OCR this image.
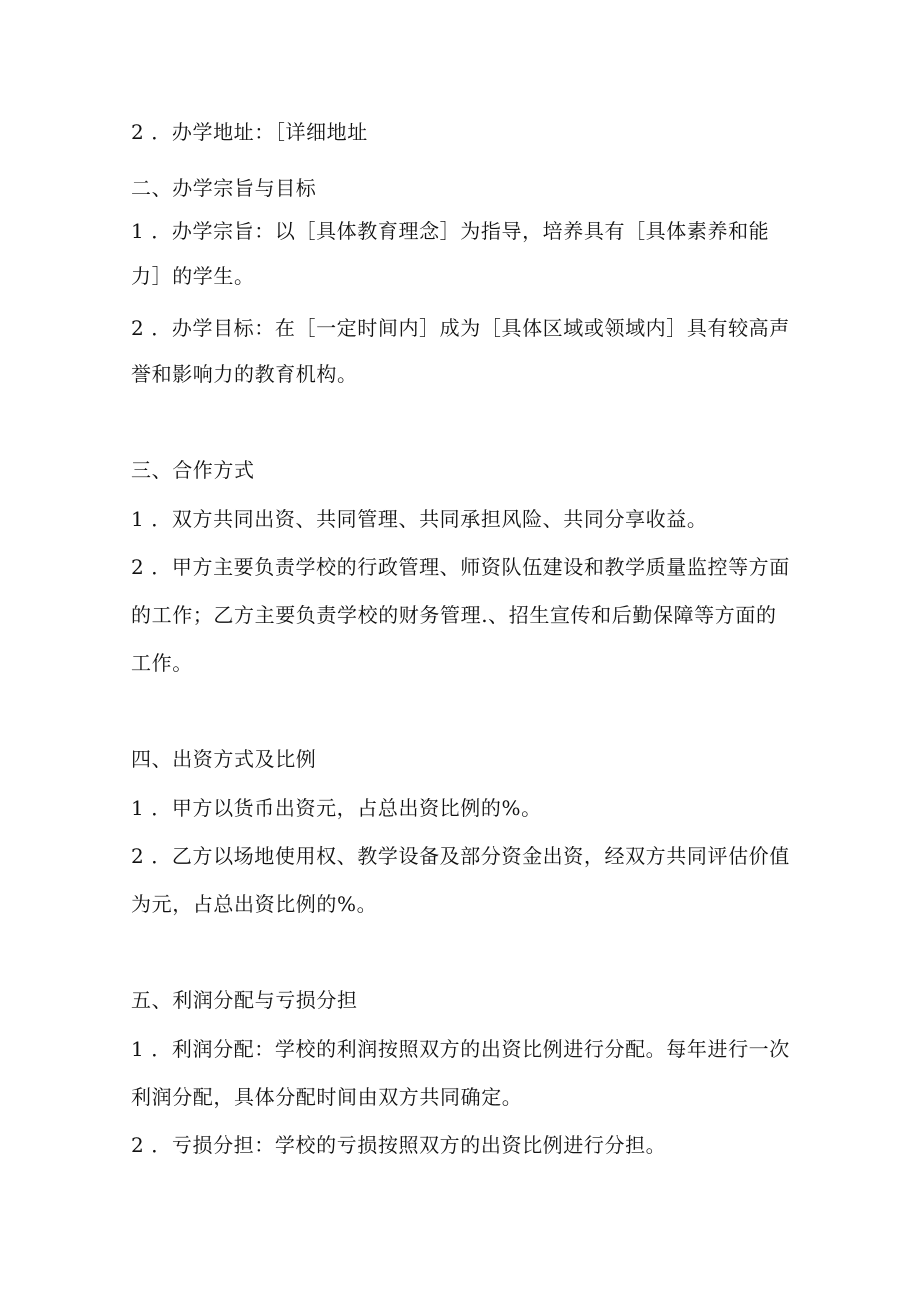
2 ．办学地址：［详细地址
二、办学宗旨与目标
1 ．办学宗旨：以［具体教育理念］为指导，培养具有［具体素养和能
力］的学生。
2 ．办学目标：在［一定时间内］成为［具体区域或领域内］具有较高声
誉和影响力的教育机构。
三、合作方式
1 ．双方共同出资、共同管理、共同承担风险、共同分享收益。
2 ．甲方主要负责学校的行政管理、师资队伍建设和教学质量监控等方面
的工作；乙方主要负责学校的财务管理.、招生宣传和后勤保障等方面的
工作。
四、出资方式及比例
1 ．甲方以货币出资元，占总出资比例的%。
2 ．乙方以场地使用权、教学设备及部分资金出资，经双方共同评估价值
为元，占总出资比例的%。
五、利润分配与亏损分担
1 ．利润分配：学校的利润按照双方的出资比例进行分配。每年进行一次
利润分配，具体分配时间由双方共同确定。
2 ．亏损分担：学校的亏损按照双方的出资比例进行分担。
